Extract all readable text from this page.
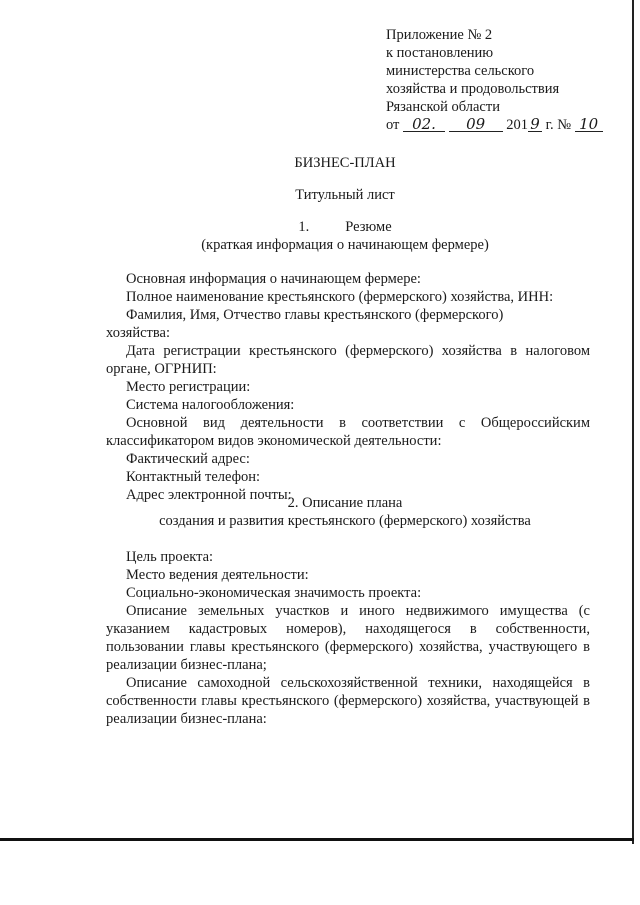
Приложение № 2
к постановлению
министерства сельского
хозяйства и продовольствия
Рязанской области
от 02. 09 201 9 г. № 10
БИЗНЕС-ПЛАН
Титульный лист
1. Резюме
(краткая информация о начинающем фермере)
Основная информация о начинающем фермере:
Полное наименование крестьянского (фермерского) хозяйства, ИНН:
Фамилия, Имя, Отчество главы крестьянского (фермерского)
хозяйства:
Дата регистрации крестьянского (фермерского) хозяйства в налоговом
органе, ОГРНИП:
Место регистрации:
Система налогообложения:
Основной вид деятельности в соответствии с Общероссийским
классификатором видов экономической деятельности:
Фактический адрес:
Контактный телефон:
Адрес электронной почты:
2. Описание плана
создания и развития крестьянского (фермерского) хозяйства
Цель проекта:
Место ведения деятельности:
Социально-экономическая значимость проекта:
Описание земельных участков и иного недвижимого имущества (с указанием кадастровых номеров), находящегося в собственности, пользовании главы крестьянского (фермерского) хозяйства, участвующего в реализации бизнес-плана;
Описание самоходной сельскохозяйственной техники, находящейся в собственности главы крестьянского (фермерского) хозяйства, участвующей в реализации бизнес-плана:
